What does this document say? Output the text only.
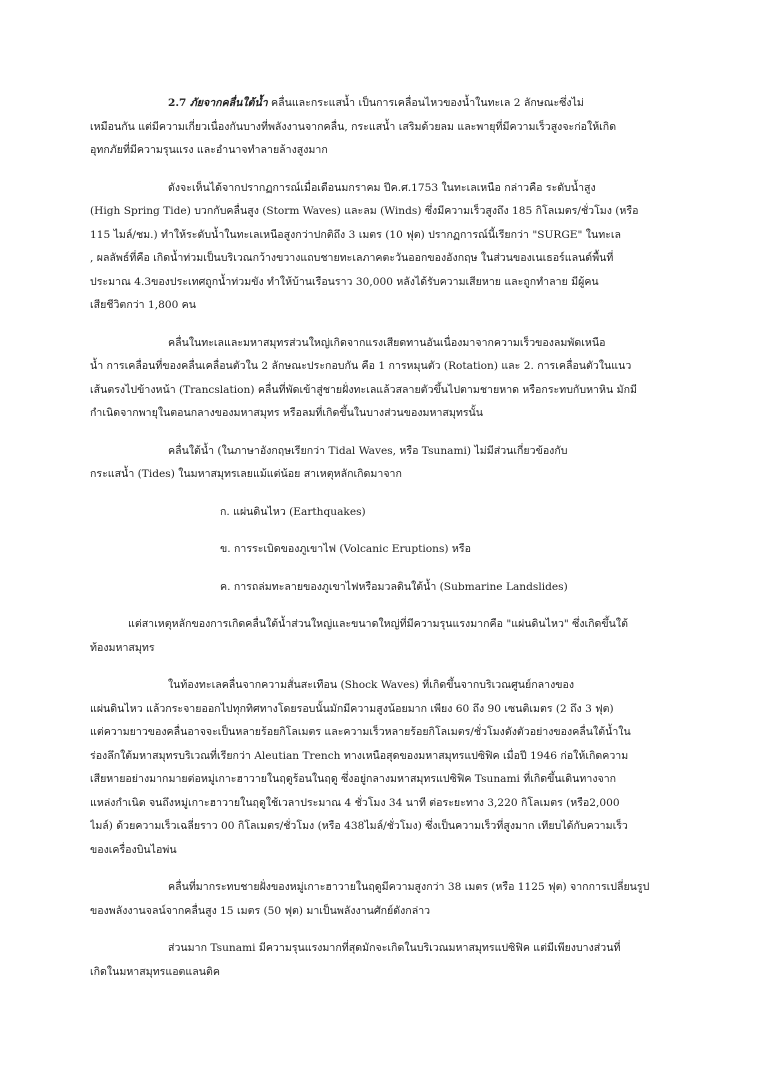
2.7 ภัยจากคลื่นใต้น้ำ คลื่นและกระแสน้ำ เป็นการเคลื่อนไหวของน้ำในทะเล 2 ลักษณะซึ่งไม่
เหมือนกัน แต่มีความเกี่ยวเนื่องกันบางที่พลังงานจากคลื่น, กระแสน้ำ เสริมด้วยลม และพายุที่มีความเร็วสูงจะก่อให้เกิด
อุทกภัยที่มีความรุนแรง และอำนาจทำลายล้างสูงมาก
ดังจะเห็นได้จากปรากฏการณ์เมื่อเดือนมกราคม ปีค.ศ.1753 ในทะเลเหนือ กล่าวคือ ระดับน้ำสูง
(High Spring Tide) บวกกับคลื่นสูง (Storm Waves) และลม (Winds) ซึ่งมีความเร็วสูงถึง 185 กิโลเมตร/ชั่วโมง (หรือ
115 ไมล์/ชม.) ทำให้ระดับน้ำในทะเลเหนือสูงกว่าปกติถึง 3 เมตร (10 ฟุต) ปรากฏการณ์นี้เรียกว่า "SURGE" ในทะเล
, ผลลัพธ์ที่คือ เกิดน้ำท่วมเป็นบริเวณกว้างขวางแถบชายทะเลภาคตะวันออกของอังกฤษ ในส่วนของเนเธอร์แลนด์พื้นที่
ประมาณ 4.3ของประเทศถูกน้ำท่วมขัง ทำให้บ้านเรือนราว 30,000 หลังได้รับความเสียหาย และถูกทำลาย มีผู้คน
เสียชีวิตกว่า 1,800 คน
คลื่นในทะเลและมหาสมุทรส่วนใหญ่เกิดจากแรงเสียดทานอันเนื่องมาจากความเร็วของลมพัดเหนือ
น้ำ การเคลื่อนที่ของคลื่นเคลื่อนตัวใน 2 ลักษณะประกอบกัน คือ 1 การหมุนตัว (Rotation) และ 2. การเคลื่อนตัวในแนว
เส้นตรงไปข้างหน้า (Trancslation) คลื่นที่พัดเข้าสู่ชายฝั่งทะเลแล้วสลายตัวขึ้นไปตามชายหาด หรือกระทบกับหาหิน มักมี
กำเนิดจากพายุในตอนกลางของมหาสมุทร หรือลมที่เกิดขึ้นในบางส่วนของมหาสมุทรนั้น
คลื่นใต้น้ำ (ในภาษาอังกฤษเรียกว่า Tidal Waves, หรือ Tsunami) ไม่มีส่วนเกี่ยวข้องกับ
กระแสน้ำ (Tides) ในมหาสมุทรเลยแม้แต่น้อย สาเหตุหลักเกิดมาจาก
ก. แผ่นดินไหว (Earthquakes)
ข. การระเบิดของภูเขาไฟ (Volcanic Eruptions) หรือ
ค. การถล่มทะลายของภูเขาไฟหรือมวลดินใต้น้ำ (Submarine Landslides)
แต่สาเหตุหลักของการเกิดคลื่นใต้น้ำส่วนใหญ่และขนาดใหญ่ที่มีความรุนแรงมากคือ "แผ่นดินไหว" ซึ่งเกิดขึ้นใต้
ท้องมหาสมุทร
ในท้องทะเลคลื่นจากความสั่นสะเทือน (Shock Waves) ที่เกิดขึ้นจากบริเวณศูนย์กลางของ
แผ่นดินไหว แล้วกระจายออกไปทุกทิศทางโดยรอบนั้นมักมีความสูงน้อยมาก เพียง 60 ถึง 90 เซนติเมตร (2 ถึง 3 ฟุต)
แต่ความยาวของคลื่นอาจจะเป็นหลายร้อยกิโลเมตร และความเร็วหลายร้อยกิโลเมตร/ชั่วโมงดังตัวอย่างของคลื่นใต้น้ำใน
ร่องลึกใต้มหาสมุทรบริเวณที่เรียกว่า Aleutian Trench ทางเหนือสุดของมหาสมุทรแปซิฟิค เมื่อปี 1946 ก่อให้เกิดความ
เสียหายอย่างมากมายต่อหมู่เกาะฮาวายในฤดูร้อนในฤดู ซึ่งอยู่กลางมหาสมุทรแปซิฟิค Tsunami ที่เกิดขึ้นเดินทางจาก
แหล่งกำเนิด จนถึงหมู่เกาะฮาวายในฤดูใช้เวลาประมาณ 4 ชั่วโมง 34 นาที ต่อระยะทาง 3,220 กิโลเมตร (หรือ2,000
ไมล์) ด้วยความเร็วเฉลี่ยราว 00 กิโลเมตร/ชั่วโมง (หรือ 438ไมล์/ชั่วโมง) ซึ่งเป็นความเร็วที่สูงมาก เทียบได้กับความเร็ว
ของเครื่องบินไอพ่น
คลื่นที่มากระทบชายฝั่งของหมู่เกาะฮาวายในฤดูมีความสูงกว่า 38 เมตร (หรือ 1125 ฟุต) จากการเปลี่ยนรูป
ของพลังงานจลน์จากคลื่นสูง 15 เมตร (50 ฟุต) มาเป็นพลังงานศักย์ดังกล่าว
ส่วนมาก Tsunami มีความรุนแรงมากที่สุดมักจะเกิดในบริเวณมหาสมุทรแปซิฟิค แต่มีเพียงบางส่วนที่
เกิดในมหาสมุทรแอตแลนติค
